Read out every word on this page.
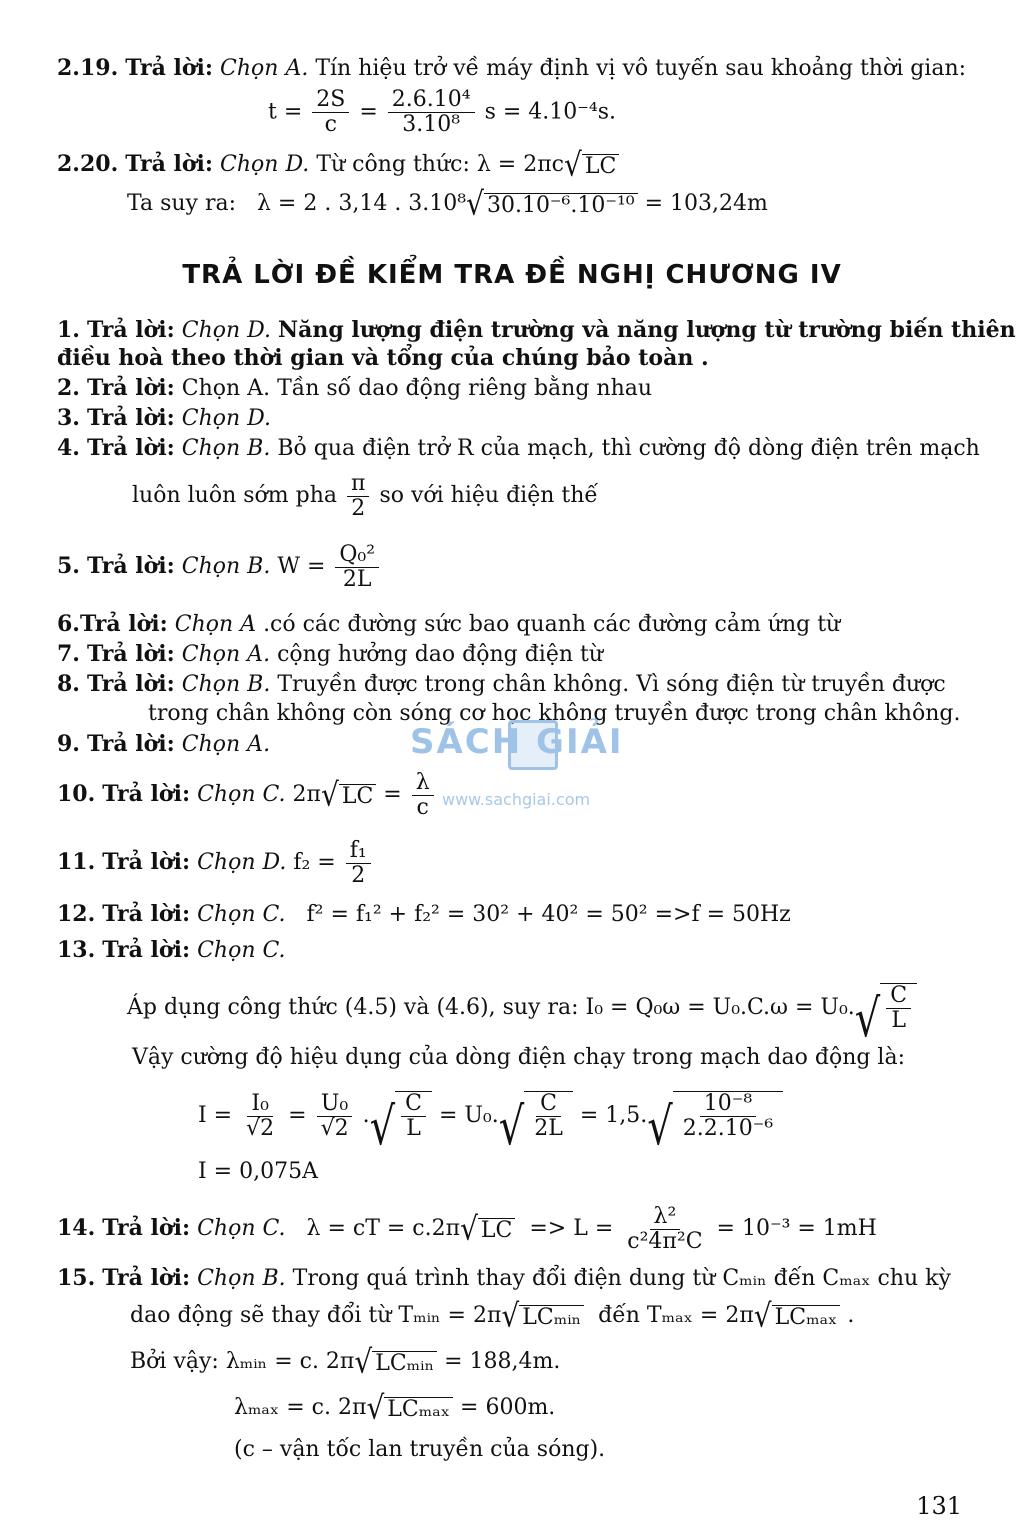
2.19. Trả lời: Chọn A. Tín hiệu trở về máy định vị vô tuyến sau khoảng thời gian:
$t = \frac{2S}{c} = \frac{\text{2.6.10⁴}}{\text{3.10⁸}}$ s = 4.10⁻⁴s.
2.20. Trả lời: Chọn D. Từ công thức: λ = 2πc √ LC
Ta suy ra: λ = 2 . 3,14 . 3.10⁸ √ 30.10⁻⁶.10⁻¹⁰ = 103,24m
TRẢ LỜI ĐỀ KIỂM TRA ĐỀ NGHỊ CHƯƠNG IV
1. Trả lời: Chọn D. Năng lượng điện trường và năng lượng từ trường biến thiên
điều hoà theo thời gian và tổng của chúng bảo toàn .
2. Trả lời: Chọn A. Tần số dao động riêng bằng nhau
3. Trả lời: Chọn D.
4. Trả lời: Chọn B. Bỏ qua điện trở R của mạch, thì cường độ dòng điện trên mạch
luôn luôn sớm pha $\frac{\pi}{2}$ so với hiệu điện thế
5. Trả lời: Chọn B. $W = \frac{\text{Q₀²}}{2L}$
6.Trả lời: Chọn A .có các đường sức bao quanh các đường cảm ứng từ
7. Trả lời: Chọn A. cộng hưởng dao động điện từ
8. Trả lời: Chọn B. Truyền được trong chân không. Vì sóng điện từ truyền được
trong chân không còn sóng cơ học không truyền được trong chân không.
9. Trả lời: Chọn A.
10. Trả lời: Chọn C. 2π √ LC = $\frac{\lambda}{c}$
11. Trả lời: Chọn D. $f_2 = \frac{\text{f₁}}{2}$
12. Trả lời: Chọn C. f² = f₁² + f₂² = 30² + 40² = 50² =>f = 50Hz
13. Trả lời: Chọn C.
Áp dụng công thức (4.5) và (4.6), suy ra: I₀ = Q₀ω = U₀.C.ω = U₀. √ $\frac{C}{L}$
Vậy cường độ hiệu dụng của dòng điện chạy trong mạch dao động là:
$I = \frac{\text{I₀}}{√2} = \frac{\text{U₀}}{√2}$ . √ $\frac{C}{L} = U_0$. √ $\frac{C}{2L} = 1,5$. √ $\frac{\text{10⁻⁸}}{\text{2.2.10⁻⁶}}$
I = 0,075A
14. Trả lời: Chọn C. λ = cT = c.2π √ LC => $L = \frac{\text{λ²}}{\text{c²4π²C}} = 10^{-3} = 1mH$
15. Trả lời: Chọn B. Trong quá trình thay đổi điện dung từ Cₘᵢₙ đến Cₘₐₓ chu kỳ
dao động sẽ thay đổi từ Tₘᵢₙ = 2π √ LCₘᵢₙ đến Tₘₐₓ = 2π √ LCₘₐₓ .
Bởi vậy: λₘᵢₙ = c. 2π √ LCₘᵢₙ = 188,4m.
λₘₐₓ = c. 2π √ LCₘₐₓ = 600m.
(c – vận tốc lan truyền của sóng).
SÁCH GIẢI
www.sachgiai.com
131
